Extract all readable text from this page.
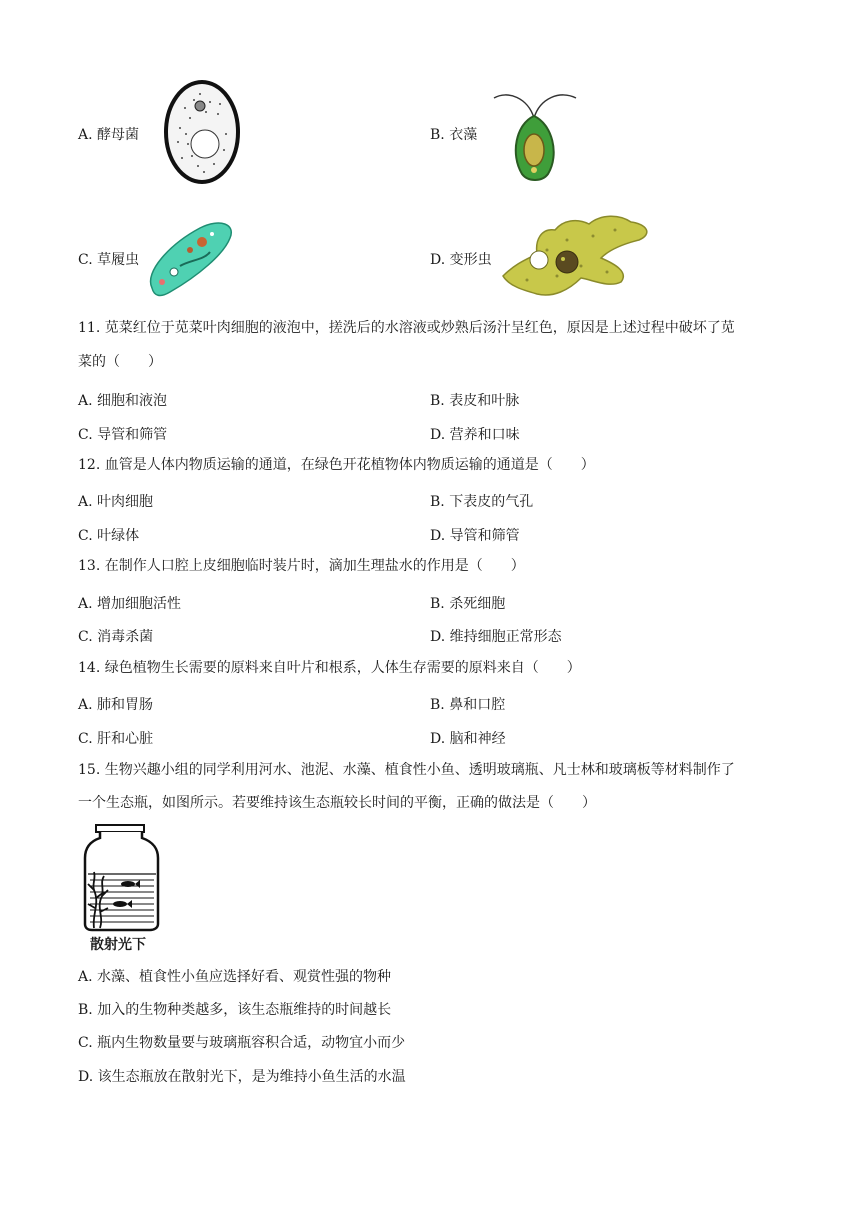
A. 酵母菌	B. 衣藻
C. 草履虫	D. 变形虫
11. 苋菜红位于苋菜叶肉细胞的液泡中，搓洗后的水溶液或炒熟后汤汁呈红色，原因是上述过程中破坏了苋
菜的（　　）
A. 细胞和液泡	B. 表皮和叶脉
C. 导管和筛管	D. 营养和口味
12. 血管是人体内物质运输的通道，在绿色开花植物体内物质运输的通道是（　　）
A. 叶肉细胞	B. 下表皮的气孔
C. 叶绿体	D. 导管和筛管
13. 在制作人口腔上皮细胞临时装片时，滴加生理盐水的作用是（　　）
A. 增加细胞活性	B. 杀死细胞
C. 消毒杀菌	D. 维持细胞正常形态
14. 绿色植物生长需要的原料来自叶片和根系，人体生存需要的原料来自（　　）
A. 肺和胃肠	B. 鼻和口腔
C. 肝和心脏	D. 脑和神经
15. 生物兴趣小组的同学利用河水、池泥、水藻、植食性小鱼、透明玻璃瓶、凡士林和玻璃板等材料制作了
一个生态瓶，如图所示。若要维持该生态瓶较长时间的平衡，正确的做法是（　　）
散射光下
A. 水藻、植食性小鱼应选择好看、观赏性强的物种
B. 加入的生物种类越多，该生态瓶维持的时间越长
C. 瓶内生物数量要与玻璃瓶容积合适，动物宜小而少
D. 该生态瓶放在散射光下，是为维持小鱼生活的水温
